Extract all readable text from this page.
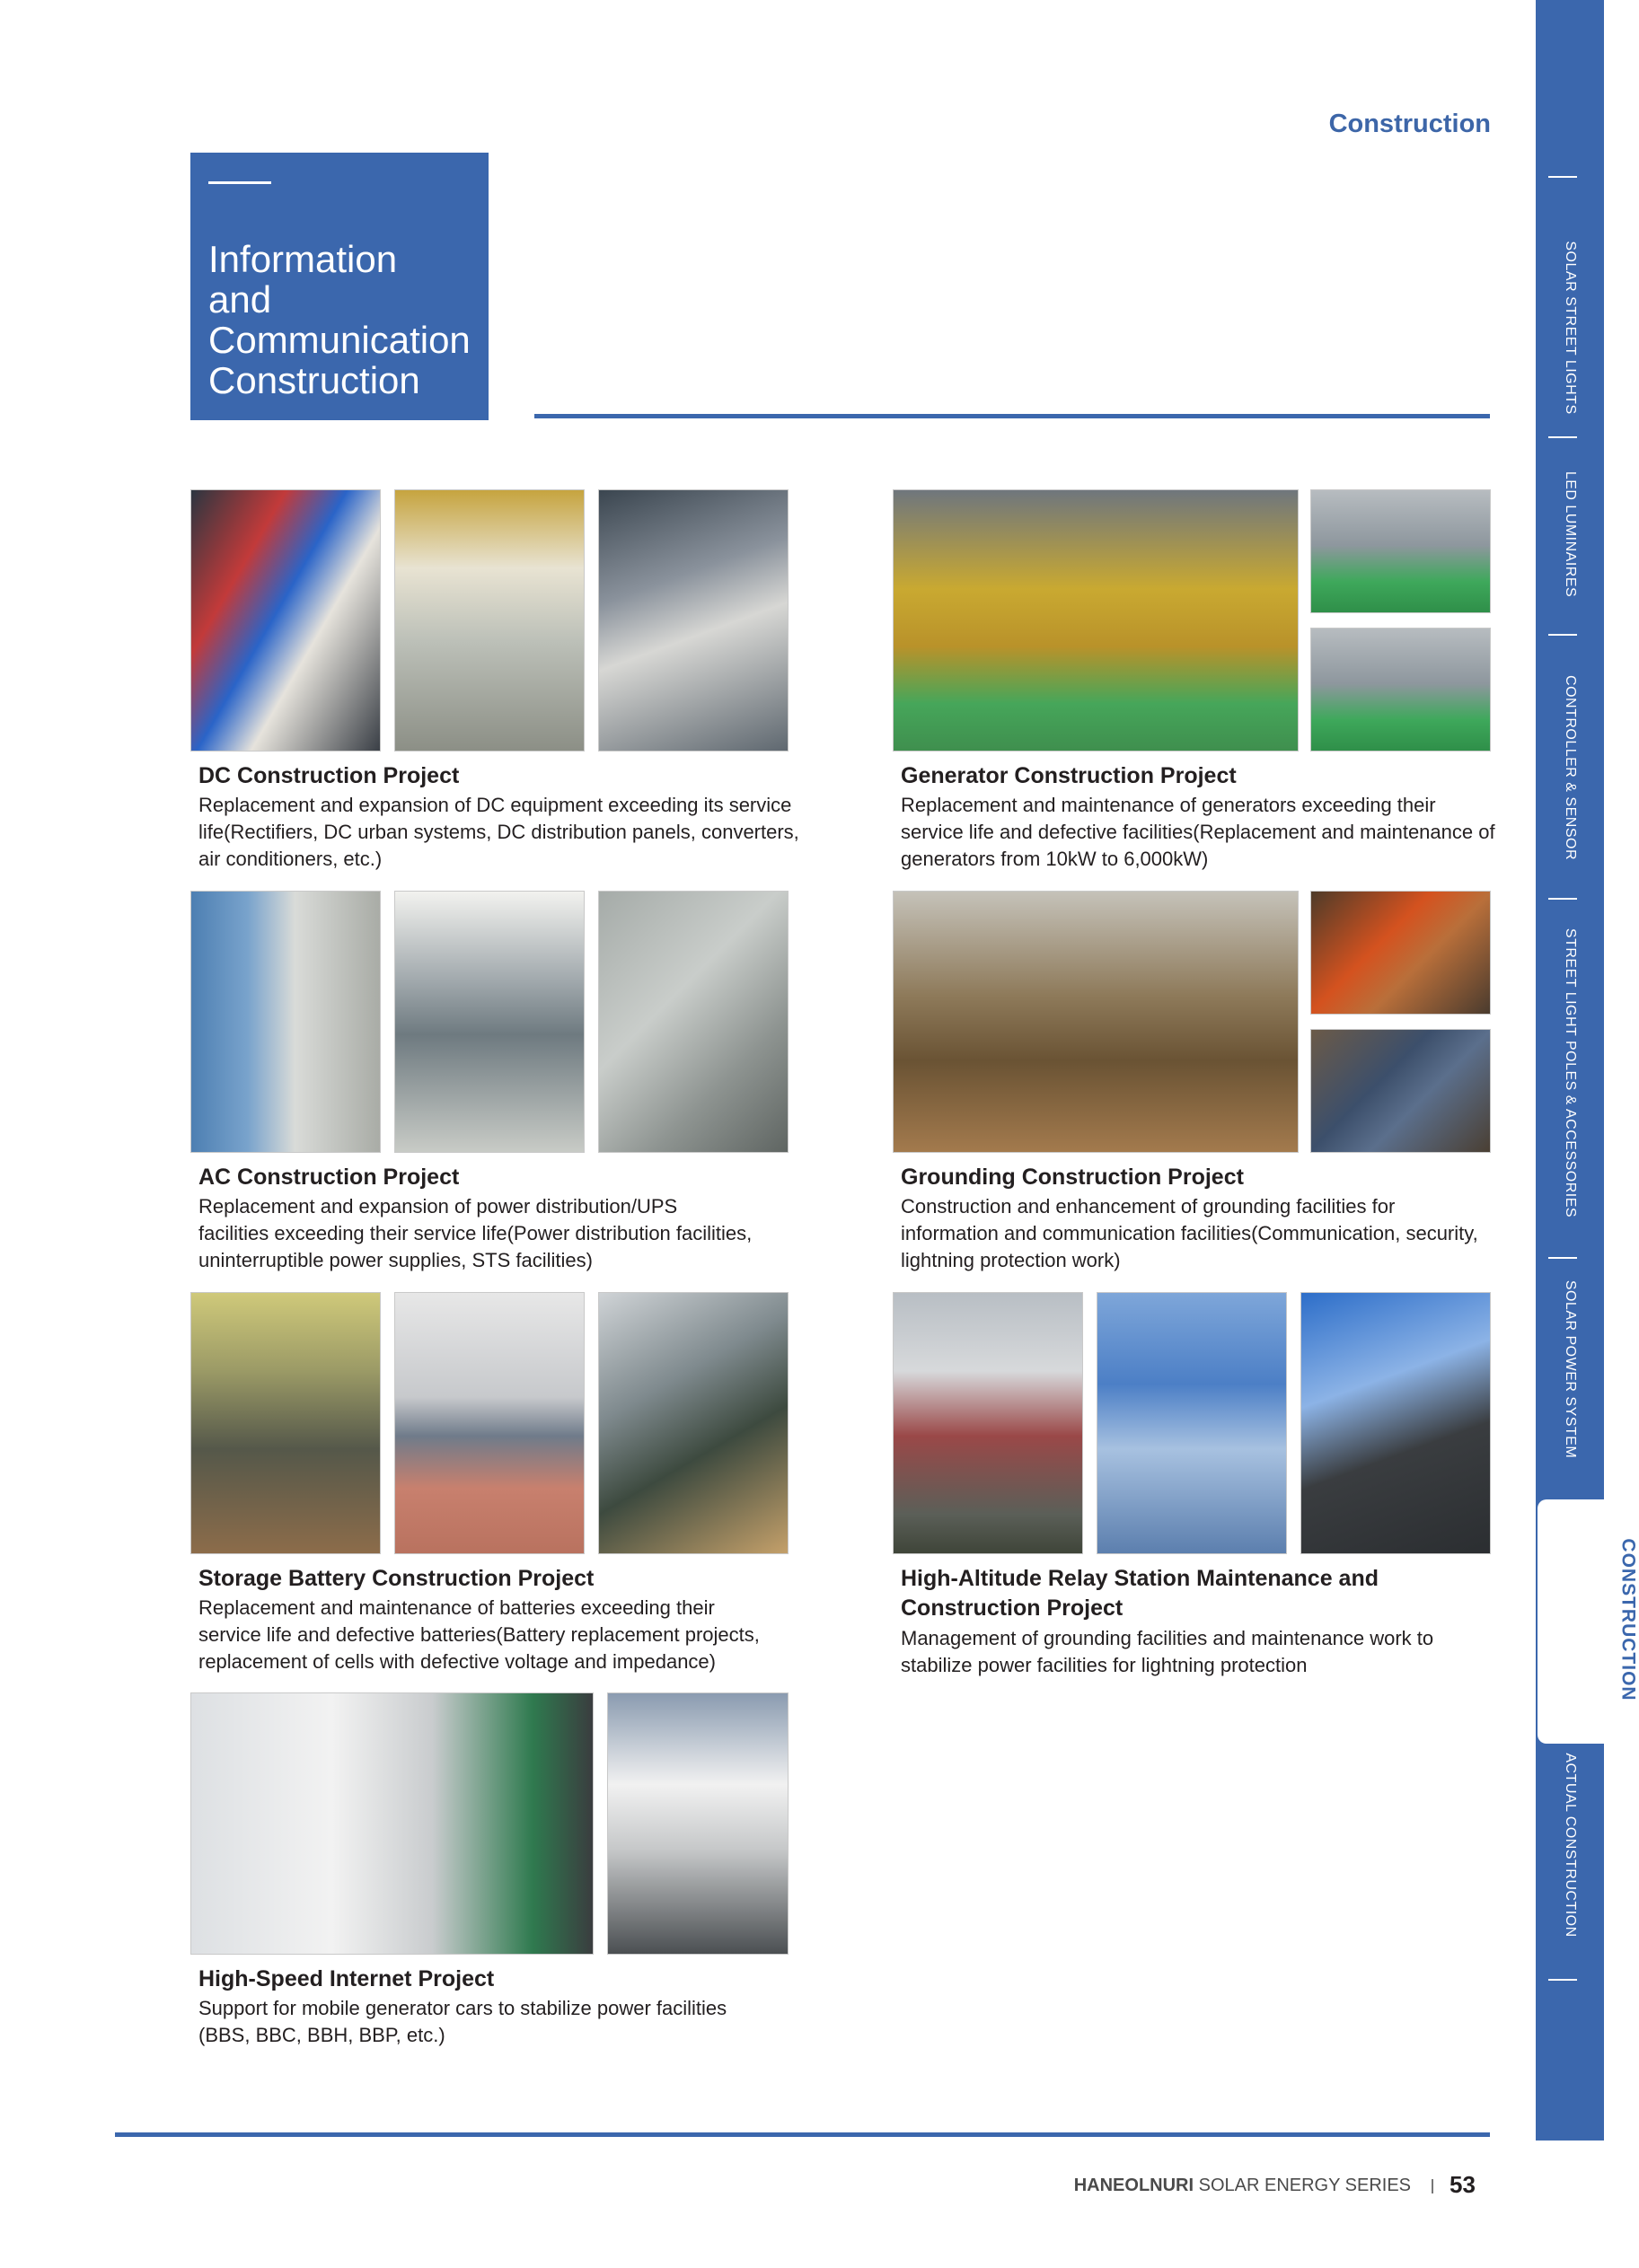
Construction
Information
and
Communication
Construction
DC Construction Project
Replacement and expansion of DC equipment exceeding its service
life(Rectifiers, DC urban systems, DC distribution panels, converters,
air conditioners, etc.)
Generator Construction Project
Replacement and maintenance of generators exceeding their
service life and defective facilities(Replacement and maintenance of
generators from 10kW to 6,000kW)
AC Construction Project
Replacement and expansion of power distribution/UPS
facilities exceeding their service life(Power distribution facilities,
uninterruptible power supplies, STS facilities)
Grounding Construction Project
Construction and enhancement of grounding facilities for
information and communication facilities(Communication, security,
lightning protection work)
Storage Battery Construction Project
Replacement and maintenance of batteries exceeding their
service life and defective batteries(Battery replacement projects,
replacement of cells with defective voltage and impedance)
High-Altitude Relay Station Maintenance and
Construction Project
Management of grounding facilities and maintenance work to
stabilize power facilities for lightning protection
High-Speed Internet Project
Support for mobile generator cars to stabilize power facilities
(BBS, BBC, BBH, BBP, etc.)
SOLAR STREET LIGHTS
LED LUMINAIRES
CONTROLLER & SENSOR
STREET LIGHT POLES & ACCESSORIES
SOLAR POWER SYSTEM
ACTUAL CONSTRUCTION
CONSTRUCTION
HANEOLNURI SOLAR ENERGY SERIES 53
